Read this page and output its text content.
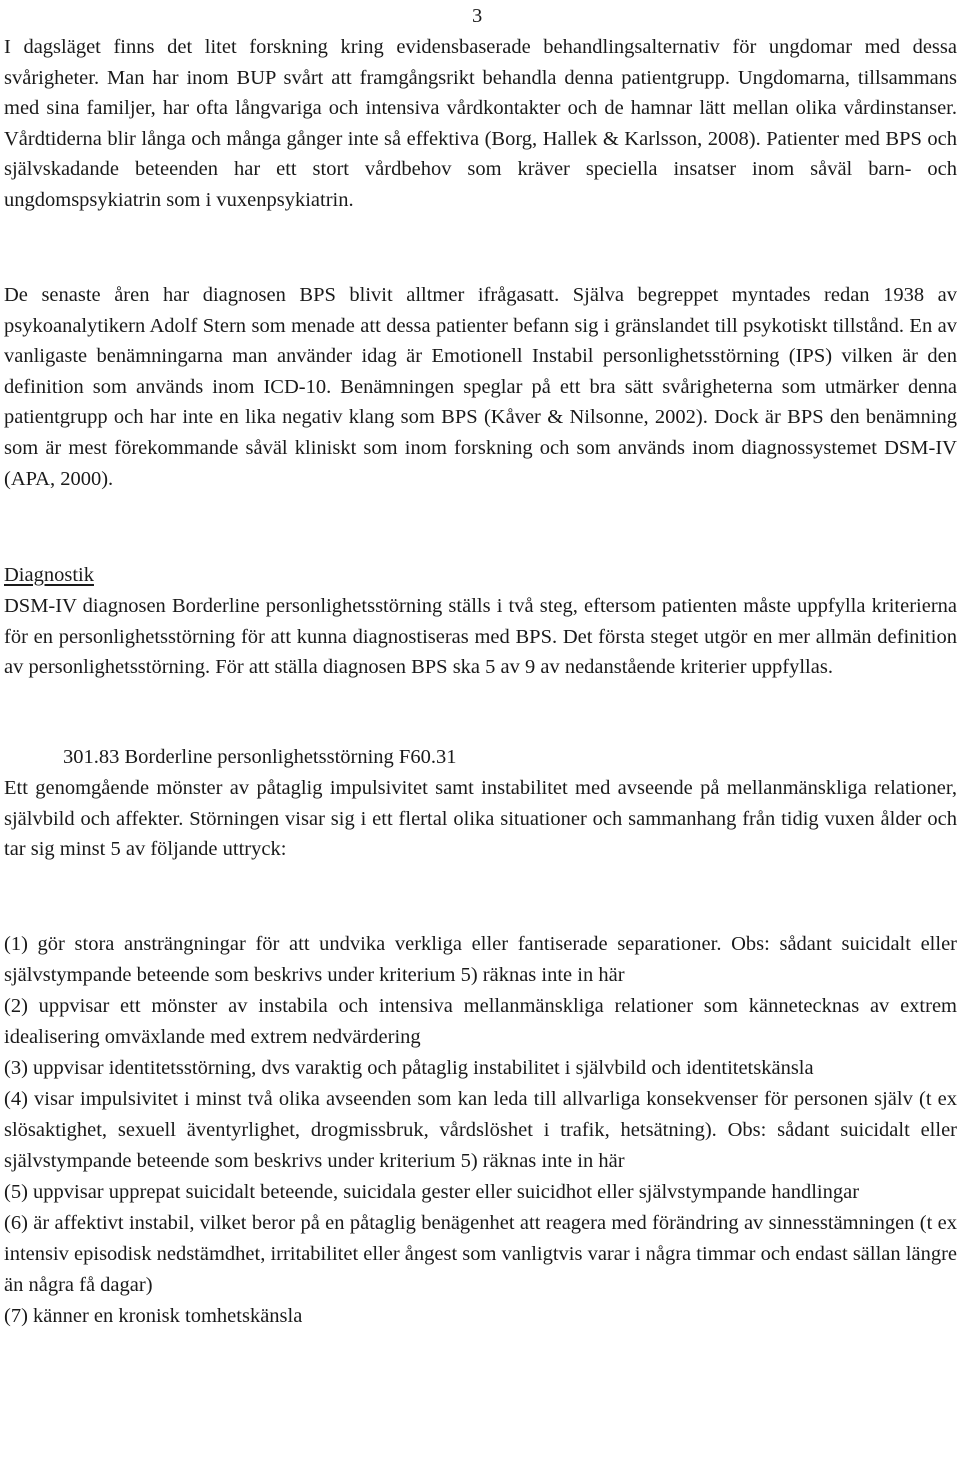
3

I dagsläget finns det litet forskning kring evidensbaserade behandlingsalternativ för ungdomar med dessa svårigheter. Man har inom BUP svårt att framgångsrikt behandla denna patientgrupp. Ungdomarna, tillsammans med sina familjer, har ofta långvariga och intensiva vårdkontakter och de hamnar lätt mellan olika vårdinstanser. Vårdtiderna blir långa och många gånger inte så effektiva (Borg, Hallek & Karlsson, 2008). Patienter med BPS och självskadande beteenden har ett stort vårdbehov som kräver speciella insatser inom såväl barn- och ungdomspsykiatrin som i vuxenpsykiatrin.

De senaste åren har diagnosen BPS blivit alltmer ifrågasatt. Själva begreppet myntades redan 1938 av psykoanalytikern Adolf Stern som menade att dessa patienter befann sig i gränslandet till psykotiskt tillstånd. En av vanligaste benämningarna man använder idag är Emotionell Instabil personlighetsstörning (IPS) vilken är den definition som används inom ICD-10. Benämningen speglar på ett bra sätt svårigheterna som utmärker denna patientgrupp och har inte en lika negativ klang som BPS (Kåver & Nilsonne, 2002). Dock är BPS den benämning som är mest förekommande såväl kliniskt som inom forskning och som används inom diagnossystemet DSM-IV (APA, 2000).

Diagnostik

DSM-IV diagnosen Borderline personlighetsstörning ställs i två steg, eftersom patienten måste uppfylla kriterierna för en personlighetsstörning för att kunna diagnostiseras med BPS. Det första steget utgör en mer allmän definition av personlighetsstörning. För att ställa diagnosen BPS ska 5 av 9 av nedanstående kriterier uppfyllas.

301.83 Borderline personlighetsstörning F60.31

Ett genomgående mönster av påtaglig impulsivitet samt instabilitet med avseende på mellanmänskliga relationer, självbild och affekter. Störningen visar sig i ett flertal olika situationer och sammanhang från tidig vuxen ålder och tar sig minst 5 av följande uttryck:

(1) gör stora ansträngningar för att undvika verkliga eller fantiserade separationer. Obs: sådant suicidalt eller självstympande beteende som beskrivs under kriterium 5) räknas inte in här
(2) uppvisar ett mönster av instabila och intensiva mellanmänskliga relationer som kännetecknas av extrem idealisering omväxlande med extrem nedvärdering
(3) uppvisar identitetsstörning, dvs varaktig och påtaglig instabilitet i självbild och identitetskänsla
(4) visar impulsivitet i minst två olika avseenden som kan leda till allvarliga konsekvenser för personen själv (t ex slösaktighet, sexuell äventyrlighet, drogmissbruk, vårdslöshet i trafik, hetsätning). Obs: sådant suicidalt eller självstympande beteende som beskrivs under kriterium 5) räknas inte in här
(5) uppvisar upprepat suicidalt beteende, suicidala gester eller suicidhot eller självstympande handlingar
(6) är affektivt instabil, vilket beror på en påtaglig benägenhet att reagera med förändring av sinnesstämningen (t ex intensiv episodisk nedstämdhet, irritabilitet eller ångest som vanligtvis varar i några timmar och endast sällan längre än några få dagar)
(7) känner en kronisk tomhetskänsla
